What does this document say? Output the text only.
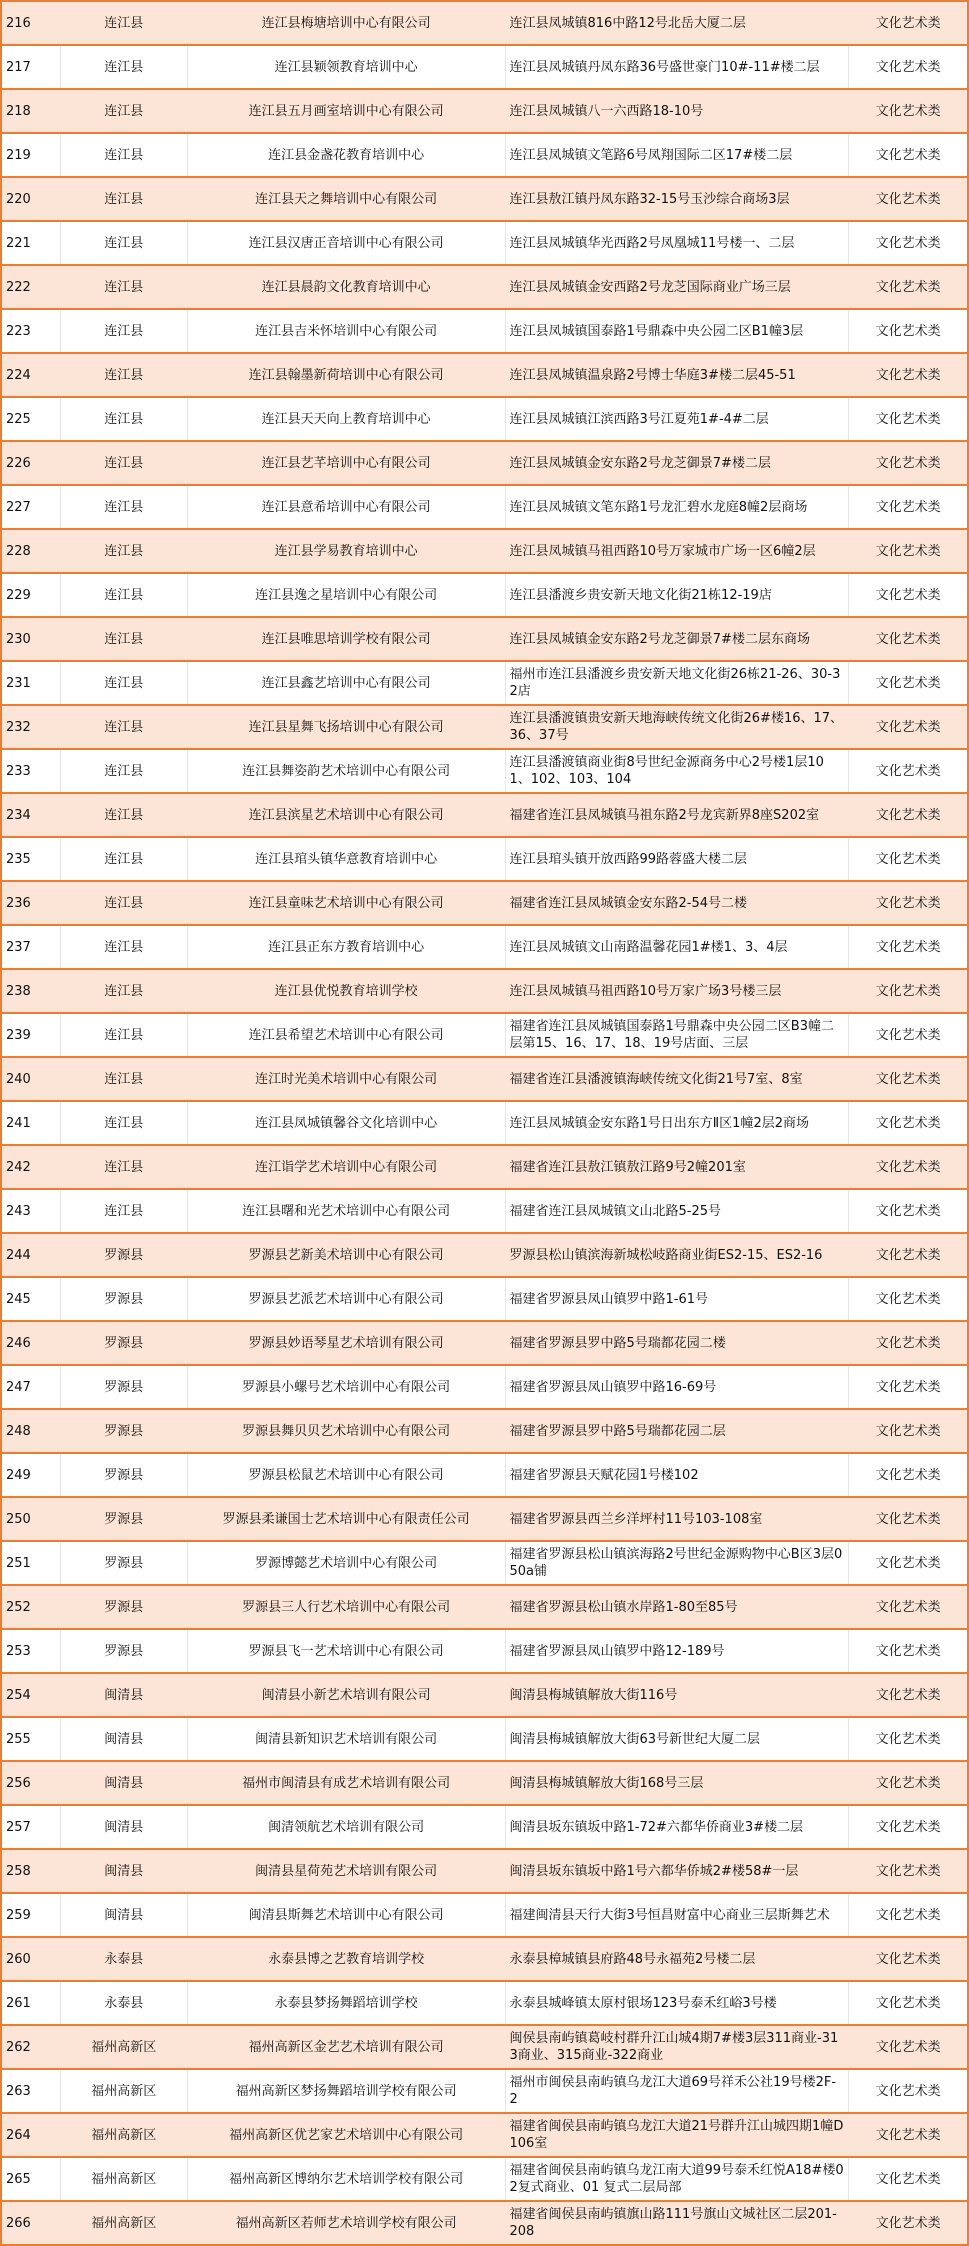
216	连江县	连江县梅塘培训中心有限公司	连江县凤城镇816中路12号北岳大厦二层	文化艺术类
217	连江县	连江县颖领教育培训中心	连江县凤城镇丹凤东路36号盛世豪门10#-11#楼二层	文化艺术类
218	连江县	连江县五月画室培训中心有限公司	连江县凤城镇八一六西路18-10号	文化艺术类
219	连江县	连江县金盏花教育培训中心	连江县凤城镇文笔路6号凤翔国际二区17#楼二层	文化艺术类
220	连江县	连江县天之舞培训中心有限公司	连江县敖江镇丹凤东路32-15号玉沙综合商场3层	文化艺术类
221	连江县	连江县汉唐正音培训中心有限公司	连江县凤城镇华光西路2号凤凰城11号楼一、二层	文化艺术类
222	连江县	连江县晨韵文化教育培训中心	连江县凤城镇金安西路2号龙芝国际商业广场三层	文化艺术类
223	连江县	连江县吉米怀培训中心有限公司	连江县凤城镇国泰路1号鼎森中央公园二区B1幢3层	文化艺术类
224	连江县	连江县翰墨新荷培训中心有限公司	连江县凤城镇温泉路2号博士华庭3#楼二层45-51	文化艺术类
225	连江县	连江县天天向上教育培训中心	连江县凤城镇江滨西路3号江夏苑1#-4#二层	文化艺术类
226	连江县	连江县艺芊培训中心有限公司	连江县凤城镇金安东路2号龙芝御景7#楼二层	文化艺术类
227	连江县	连江县意希培训中心有限公司	连江县凤城镇文笔东路1号龙汇碧水龙庭8幢2层商场	文化艺术类
228	连江县	连江县学易教育培训中心	连江县凤城镇马祖西路10号万家城市广场一区6幢2层	文化艺术类
229	连江县	连江县逸之星培训中心有限公司	连江县潘渡乡贵安新天地文化街21栋12-19店	文化艺术类
230	连江县	连江县唯思培训学校有限公司	连江县凤城镇金安东路2号龙芝御景7#楼二层东商场	文化艺术类
231	连江县	连江县鑫艺培训中心有限公司	福州市连江县潘渡乡贵安新天地文化街26栋21-26、30-32店	文化艺术类
232	连江县	连江县星舞飞扬培训中心有限公司	连江县潘渡镇贵安新天地海峡传统文化街26#楼16、17、36、37号	文化艺术类
233	连江县	连江县舞姿韵艺术培训中心有限公司	连江县潘渡镇商业街8号世纪金源商务中心2号楼1层101、102、103、104	文化艺术类
234	连江县	连江县滨星艺术培训中心有限公司	福建省连江县凤城镇马祖东路2号龙宾新界8座S202室	文化艺术类
235	连江县	连江县琯头镇华意教育培训中心	连江县琯头镇开放西路99路蓉盛大楼二层	文化艺术类
236	连江县	连江县童味艺术培训中心有限公司	福建省连江县凤城镇金安东路2-54号二楼	文化艺术类
237	连江县	连江县正东方教育培训中心	连江县凤城镇文山南路温馨花园1#楼1、3、4层	文化艺术类
238	连江县	连江县优悦教育培训学校	连江县凤城镇马祖西路10号万家广场3号楼三层	文化艺术类
239	连江县	连江县希望艺术培训中心有限公司	福建省连江县凤城镇国泰路1号鼎森中央公园二区B3幢二层第15、16、17、18、19号店面、三层	文化艺术类
240	连江县	连江时光美术培训中心有限公司	福建省连江县潘渡镇海峡传统文化街21号7室、8室	文化艺术类
241	连江县	连江县凤城镇馨谷文化培训中心	连江县凤城镇金安东路1号日出东方Ⅱ区1幢2层2商场	文化艺术类
242	连江县	连江诣学艺术培训中心有限公司	福建省连江县敖江镇敖江路9号2幢201室	文化艺术类
243	连江县	连江县曙和光艺术培训中心有限公司	福建省连江县凤城镇文山北路5-25号	文化艺术类
244	罗源县	罗源县艺新美术培训中心有限公司	罗源县松山镇滨海新城松岐路商业街ES2-15、ES2-16	文化艺术类
245	罗源县	罗源县艺派艺术培训中心有限公司	福建省罗源县凤山镇罗中路1-61号	文化艺术类
246	罗源县	罗源县妙语琴星艺术培训有限公司	福建省罗源县罗中路5号瑞都花园二楼	文化艺术类
247	罗源县	罗源县小螺号艺术培训中心有限公司	福建省罗源县凤山镇罗中路16-69号	文化艺术类
248	罗源县	罗源县舞贝贝艺术培训中心有限公司	福建省罗源县罗中路5号瑞都花园二层	文化艺术类
249	罗源县	罗源县松鼠艺术培训中心有限公司	福建省罗源县天赋花园1号楼102	文化艺术类
250	罗源县	罗源县柔谦国士艺术培训中心有限责任公司	福建省罗源县西兰乡洋坪村11号103-108室	文化艺术类
251	罗源县	罗源博懿艺术培训中心有限公司	福建省罗源县松山镇滨海路2号世纪金源购物中心B区3层050a铺	文化艺术类
252	罗源县	罗源县三人行艺术培训中心有限公司	福建省罗源县松山镇水岸路1-80至85号	文化艺术类
253	罗源县	罗源县飞一艺术培训中心有限公司	福建省罗源县凤山镇罗中路12-189号	文化艺术类
254	闽清县	闽清县小新艺术培训有限公司	闽清县梅城镇解放大街116号	文化艺术类
255	闽清县	闽清县新知识艺术培训有限公司	闽清县梅城镇解放大街63号新世纪大厦二层	文化艺术类
256	闽清县	福州市闽清县有成艺术培训有限公司	闽清县梅城镇解放大街168号三层	文化艺术类
257	闽清县	闽清领航艺术培训有限公司	闽清县坂东镇坂中路1-72#六都华侨商业3#楼二层	文化艺术类
258	闽清县	闽清县星荷苑艺术培训有限公司	闽清县坂东镇坂中路1号六都华侨城2#楼58#一层	文化艺术类
259	闽清县	闽清县斯舞艺术培训中心有限公司	福建闽清县天行大街3号恒昌财富中心商业三层斯舞艺术	文化艺术类
260	永泰县	永泰县博之艺教育培训学校	永泰县樟城镇县府路48号永福苑2号楼二层	文化艺术类
261	永泰县	永泰县梦扬舞蹈培训学校	永泰县城峰镇太原村银场123号泰禾红峪3号楼	文化艺术类
262	福州高新区	福州高新区金艺艺术培训有限公司	闽侯县南屿镇葛岐村群升江山城4期7#楼3层311商业-313商业、315商业-322商业	文化艺术类
263	福州高新区	福州高新区梦扬舞蹈培训学校有限公司	福州市闽侯县南屿镇乌龙江大道69号祥禾公社19号楼2F-2	文化艺术类
264	福州高新区	福州高新区优艺家艺术培训中心有限公司	福建省闽侯县南屿镇乌龙江大道21号群升江山城四期1幢D106室	文化艺术类
265	福州高新区	福州高新区博纳尔艺术培训学校有限公司	福建省闽侯县南屿镇乌龙江南大道99号泰禾红悦A18#楼02复式商业、01 复式二层局部	文化艺术类
266	福州高新区	福州高新区若师艺术培训学校有限公司	福建省闽侯县南屿镇旗山路111号旗山文城社区二层201-208	文化艺术类
